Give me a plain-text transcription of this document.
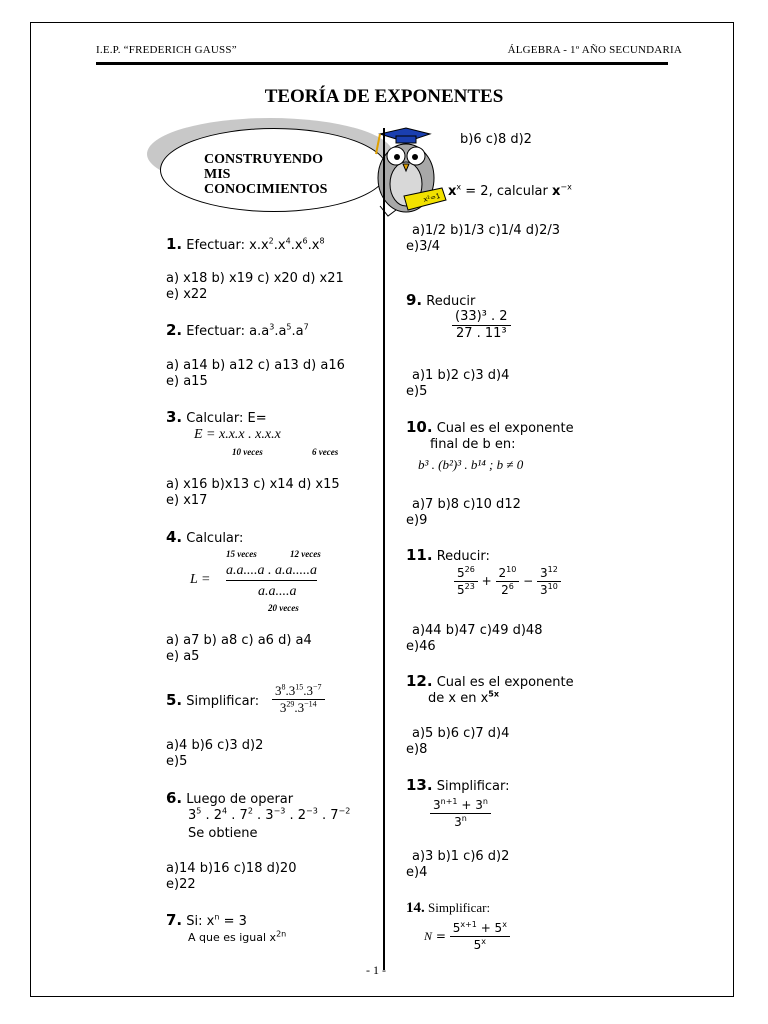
I.E.P. “FREDERICH GAUSS”	ÁLGEBRA - 1º AÑO SECUNDARIA
TEORÍA DE EXPONENTES
CONSTRUYENDO
MIS
CONOCIMIENTOS
x²=1
1. Efectuar: $x.x^2.x^4.x^6.x^8$
a) x18 b) x19 c) x20 d) x21
e) x22
2. Efectuar: $a.a^3.a^5.a^7$
a) a14 b) a12 c) a13 d) a16
e) a15
3. Calcular: E=
E = x.x.x . x.x.x
10 veces	6 veces
a) x16 b)x13 c) x14 d) x15
e) x17
4. Calcular:
15 veces	12 veces
L =
a.a....a . a.a.....a
a.a....a
20 veces
a) a7 b) a8 c) a6 d) a4
e) a5
5. Simplificar: $\frac{3^8.3^{15}.3^{-7}}{3^{29}.3^{-14}}$
a)4 b)6 c)3 d)2
e)5
6. Luego de operar
$3^5$ . $2^4$ . $7^2$ . $3^{-3}$ . $2^{-3}$ . $7^{-2}$
Se obtiene
a)14 b)16 c)18 d)20
e)22
7. Si: $x^n = 3$
A que es igual $x^{2n}$
b)6 c)8 d)2
$x^x = 2$, calcular $x^{-x}$
a)1/2 b)1/3 c)1/4 d)2/3
e)3/4
9. Reducir
$\frac{\text{(33)³ . 2}}{\text{27 . 11³}}$
a)1 b)2 c)3 d)4
e)5
10. Cual es el exponente
final de b en:
b³ . (b²)³ . b¹⁴ ; b ≠ 0
a)7 b)8 c)10 d12
e)9
11. Reducir:
$\frac{5^{26}}{5^{23}} + \frac{2^{10}}{2^6} - \frac{3^{12}}{3^{10}}$
a)44 b)47 c)49 d)48
e)46
12. Cual es el exponente
de x en $x^{5x}$
a)5 b)6 c)7 d)4
e)8
13. Simplificar:
$\frac{3^{n+1} + 3^n}{3^n}$
a)3 b)1 c)6 d)2
e)4
14. Simplificar:
$N = \frac{5^{x+1} + 5^x}{5^x}$
- 1 -
